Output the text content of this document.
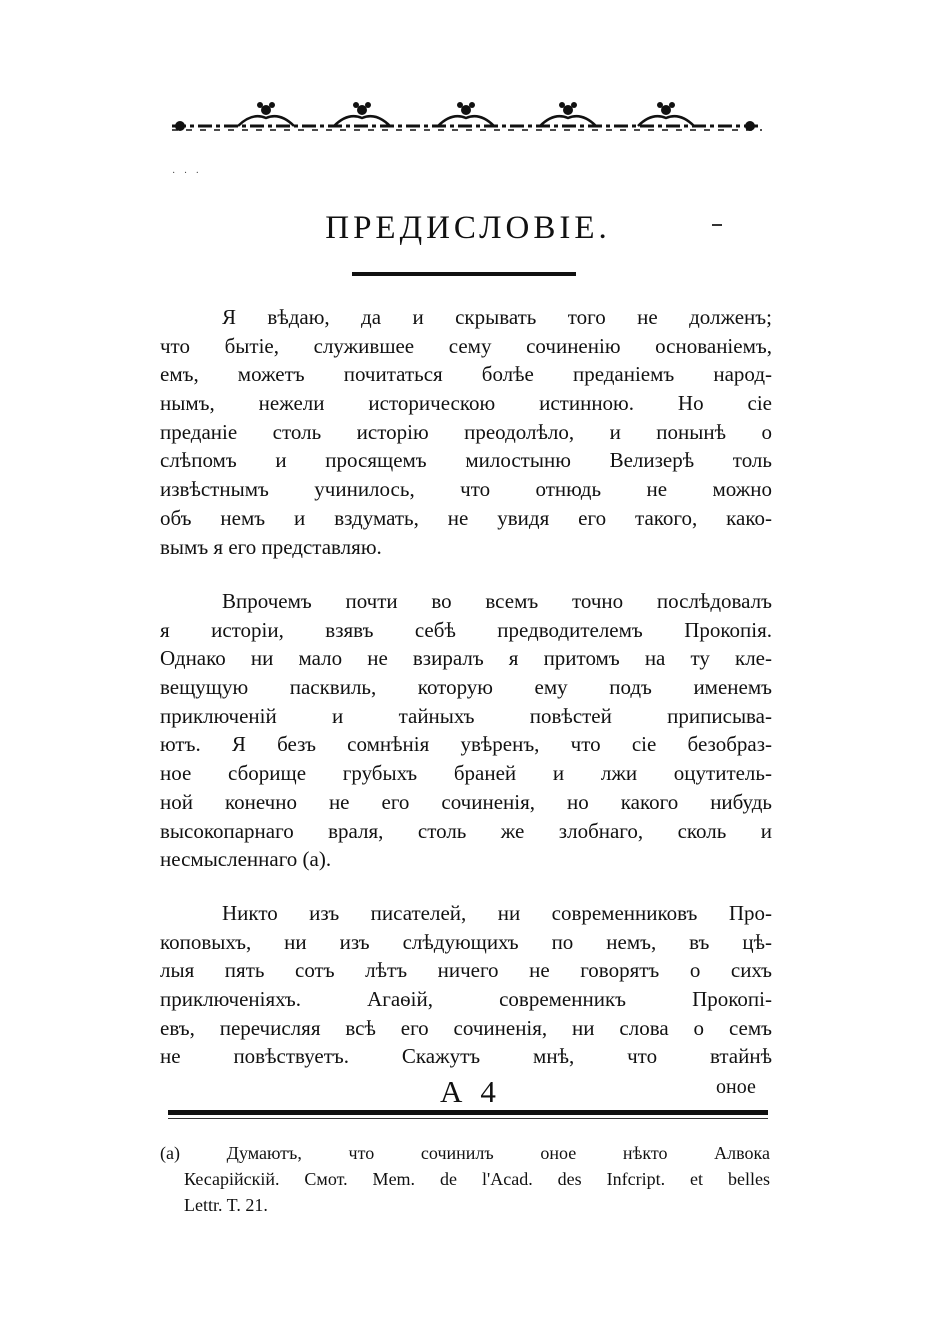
· · ·
ПРЕДИСЛОВІЕ.
Я вѣдаю, да и скрывать того не долженъ;
что бытіе, служившее сему сочиненію основаніемъ,
емъ, можетъ почитаться болѣе преданіемъ народ-
нымъ, нежели историческою истинною. Но сіе
преданіе столь исторію преодолѣло, и понынѣ о
слѣпомъ и просящемъ милостыню Велизерѣ толь
извѣстнымъ учинилось, что отнюдь не можно
объ немъ и вздумать, не увидя его такого, како-
вымъ я его представляю.
Впрочемъ почти во всемъ точно послѣдовалъ
я исторіи, взявъ себѣ предводителемъ Прокопія.
Однако ни мало не взиралъ я притомъ на ту кле-
вещущую пасквиль, которую ему подъ именемъ
приключеній и тайныхъ повѣстей приписыва-
ютъ. Я безъ сомнѣнія увѣренъ, что сіе безобраз-
ное сборище грубыхъ браней и лжи оцутитель-
ной конечно не его сочиненія, но какого нибудь
высокопарнаго враля, столь же злобнаго, сколь и
несмысленнаго (а).
Никто изъ писателей, ни современниковъ Про-
коповыхъ, ни изъ слѣдующихъ по немъ, въ цѣ-
лыя пять сотъ лѣтъ ничего не говорятъ о сихъ
приключеніяхъ. Агаѳій, современникъ Прокопі-
евъ, перечисляя всѣ его сочиненія, ни слова о семъ
не повѣствуетъ. Скажутъ мнѣ, что втайнѣ
A 4	оное
(а) Думаютъ, что сочинилъ оное нѣкто Алвока
Кесарійскій. Смот. Mem. de l'Acad. des Infcript. et belles
Lettr. T. 21.
